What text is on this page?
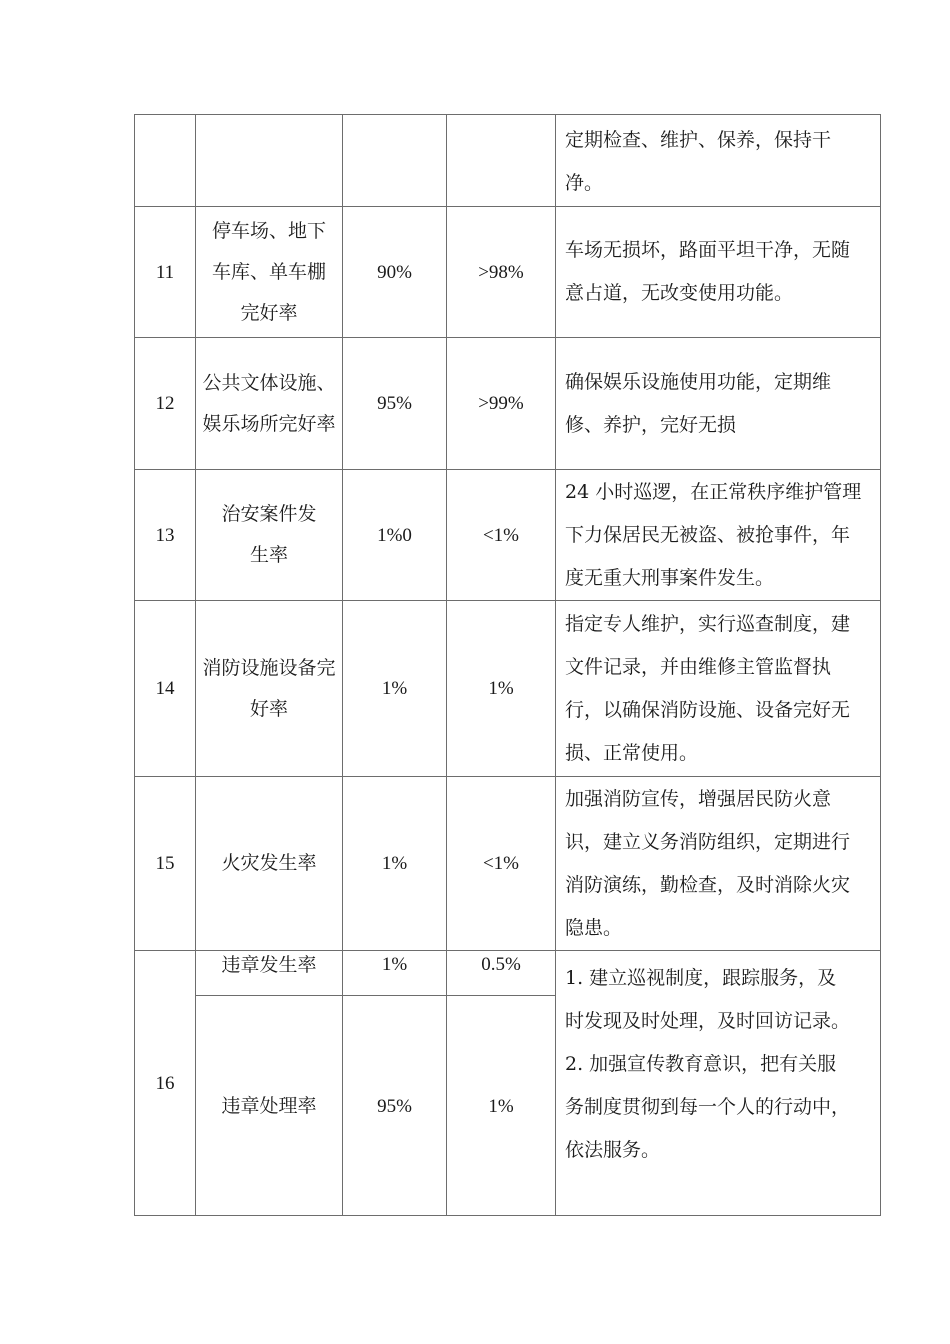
				定期检查、维护、保养，保持干
净。

11	停车场、地下
车库、单车棚
完好率	90%	>98%	车场无损坏，路面平坦干净，无随
意占道，无改变使用功能。

12	公共文体设施、
娱乐场所完好率	95%	>99%	确保娱乐设施使用功能，定期维
修、养护，完好无损

13	治安案件发
生率	1%0	<1%	24 小时巡逻，在正常秩序维护管理
下力保居民无被盗、被抢事件，年
度无重大刑事案件发生。

14	消防设施设备完
好率	1%	1%	指定专人维护，实行巡查制度，建
文件记录，并由维修主管监督执
行，以确保消防设施、设备完好无
损、正常使用。

15	火灾发生率	1%	<1%	加强消防宣传，增强居民防火意
识，建立义务消防组织，定期进行
消防演练，勤检查，及时消除火灾
隐患。

16	违章发生率	1%	0.5%	1. 建立巡视制度，跟踪服务，及
时发现及时处理，及时回访记录。
2. 加强宣传教育意识，把有关服
务制度贯彻到每一个人的行动中，
依法服务。

	违章处理率	95%	1%	
